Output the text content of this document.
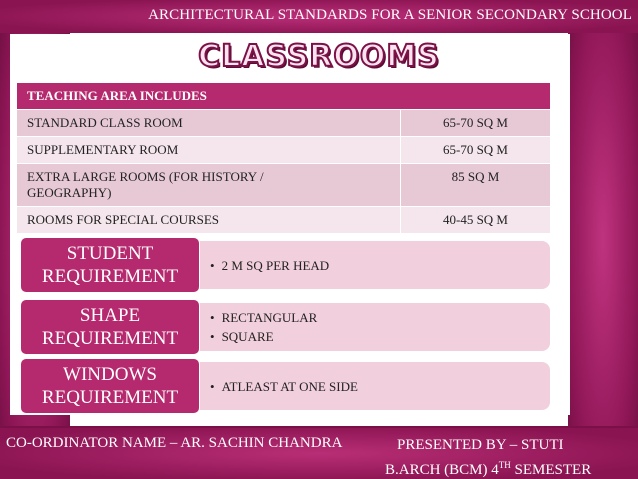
ARCHITECTURAL STANDARDS FOR A SENIOR SECONDARY SCHOOL
CLASSROOMS
TEACHING AREA INCLUDES	
STANDARD CLASS ROOM	65-70 SQ M
SUPPLEMENTARY ROOM	65-70 SQ M
EXTRA LARGE ROOMS (FOR HISTORY /
GEOGRAPHY)	85 SQ M
ROOMS FOR SPECIAL COURSES	40-45 SQ M
STUDENT
REQUIREMENT
• 2 M SQ PER HEAD
SHAPE
REQUIREMENT
• RECTANGULAR
• SQUARE
WINDOWS
REQUIREMENT
• ATLEAST AT ONE SIDE
CO-ORDINATOR NAME – AR. SACHIN CHANDRA	PRESENTED BY – STUTI
B.ARCH (BCM) 4TH SEMESTER
